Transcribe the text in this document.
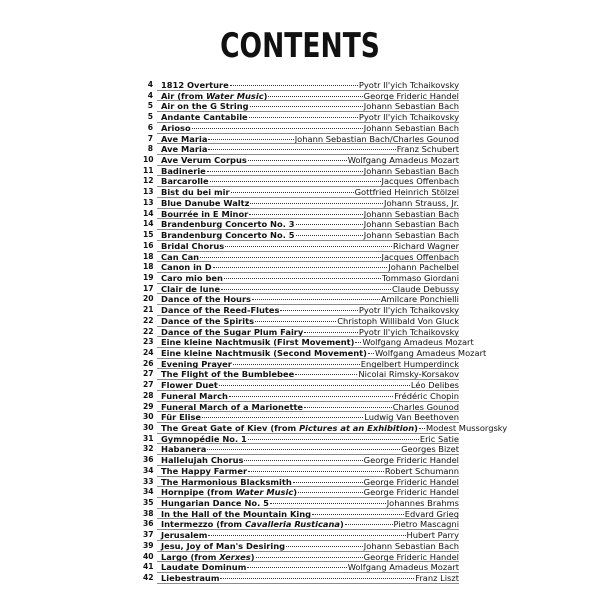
CONTENTS
4 1812 Overture	Pyotr Il'yich Tchaikovsky
4 Air (from Water Music)	George Frideric Handel
5 Air on the G String	Johann Sebastian Bach
5 Andante Cantabile	Pyotr Il'yich Tchaikovsky
6 Arioso	Johann Sebastian Bach
7 Ave Maria	Johann Sebastian Bach/Charles Gounod
8 Ave Maria	Franz Schubert
10 Ave Verum Corpus	Wolfgang Amadeus Mozart
11 Badinerie	Johann Sebastian Bach
12 Barcarolle	Jacques Offenbach
13 Bist du bei mir	Gottfried Heinrich Stölzel
13 Blue Danube Waltz	Johann Strauss, Jr.
14 Bourrée in E Minor	Johann Sebastian Bach
14 Brandenburg Concerto No. 3	Johann Sebastian Bach
15 Brandenburg Concerto No. 5	Johann Sebastian Bach
16 Bridal Chorus	Richard Wagner
18 Can Can	Jacques Offenbach
18 Canon in D	Johann Pachelbel
19 Caro mio ben	Tommaso Giordani
17 Clair de lune	Claude Debussy
20 Dance of the Hours	Amilcare Ponchielli
21 Dance of the Reed-Flutes	Pyotr Il'yich Tchaikovsky
22 Dance of the Spirits	Christoph Willibald Von Gluck
22 Dance of the Sugar Plum Fairy	Pyotr Il'yich Tchaikovsky
23 Eine kleine Nachtmusik (First Movement) Wolfgang Amadeus Mozart
24 Eine kleine Nachtmusik (Second Movement) Wolfgang Amadeus Mozart
26 Evening Prayer	Engelbert Humperdinck
27 The Flight of the Bumblebee	Nicolai Rimsky-Korsakov
27 Flower Duet	Léo Delibes
28 Funeral March	Frédéric Chopin
29 Funeral March of a Marionette	Charles Gounod
30 Für Elise	Ludwig Van Beethoven
30 The Great Gate of Kiev (from Pictures at an Exhibition) Modest Mussorgsky
31 Gymnopédie No. 1	Eric Satie
32 Habanera	Georges Bizet
36 Hallelujah Chorus	George Frideric Handel
34 The Happy Farmer	Robert Schumann
33 The Harmonious Blacksmith	George Frideric Handel
34 Hornpipe (from Water Music)	George Frideric Handel
35 Hungarian Dance No. 5	Johannes Brahms
38 In the Hall of the Mountain King	Edvard Grieg
36 Intermezzo (from Cavalleria Rusticana)	Pietro Mascagni
37 Jerusalem	Hubert Parry
39 Jesu, Joy of Man's Desiring	Johann Sebastian Bach
40 Largo (from Xerxes)	George Frideric Handel
41 Laudate Dominum	Wolfgang Amadeus Mozart
42 Liebestraum	Franz Liszt
